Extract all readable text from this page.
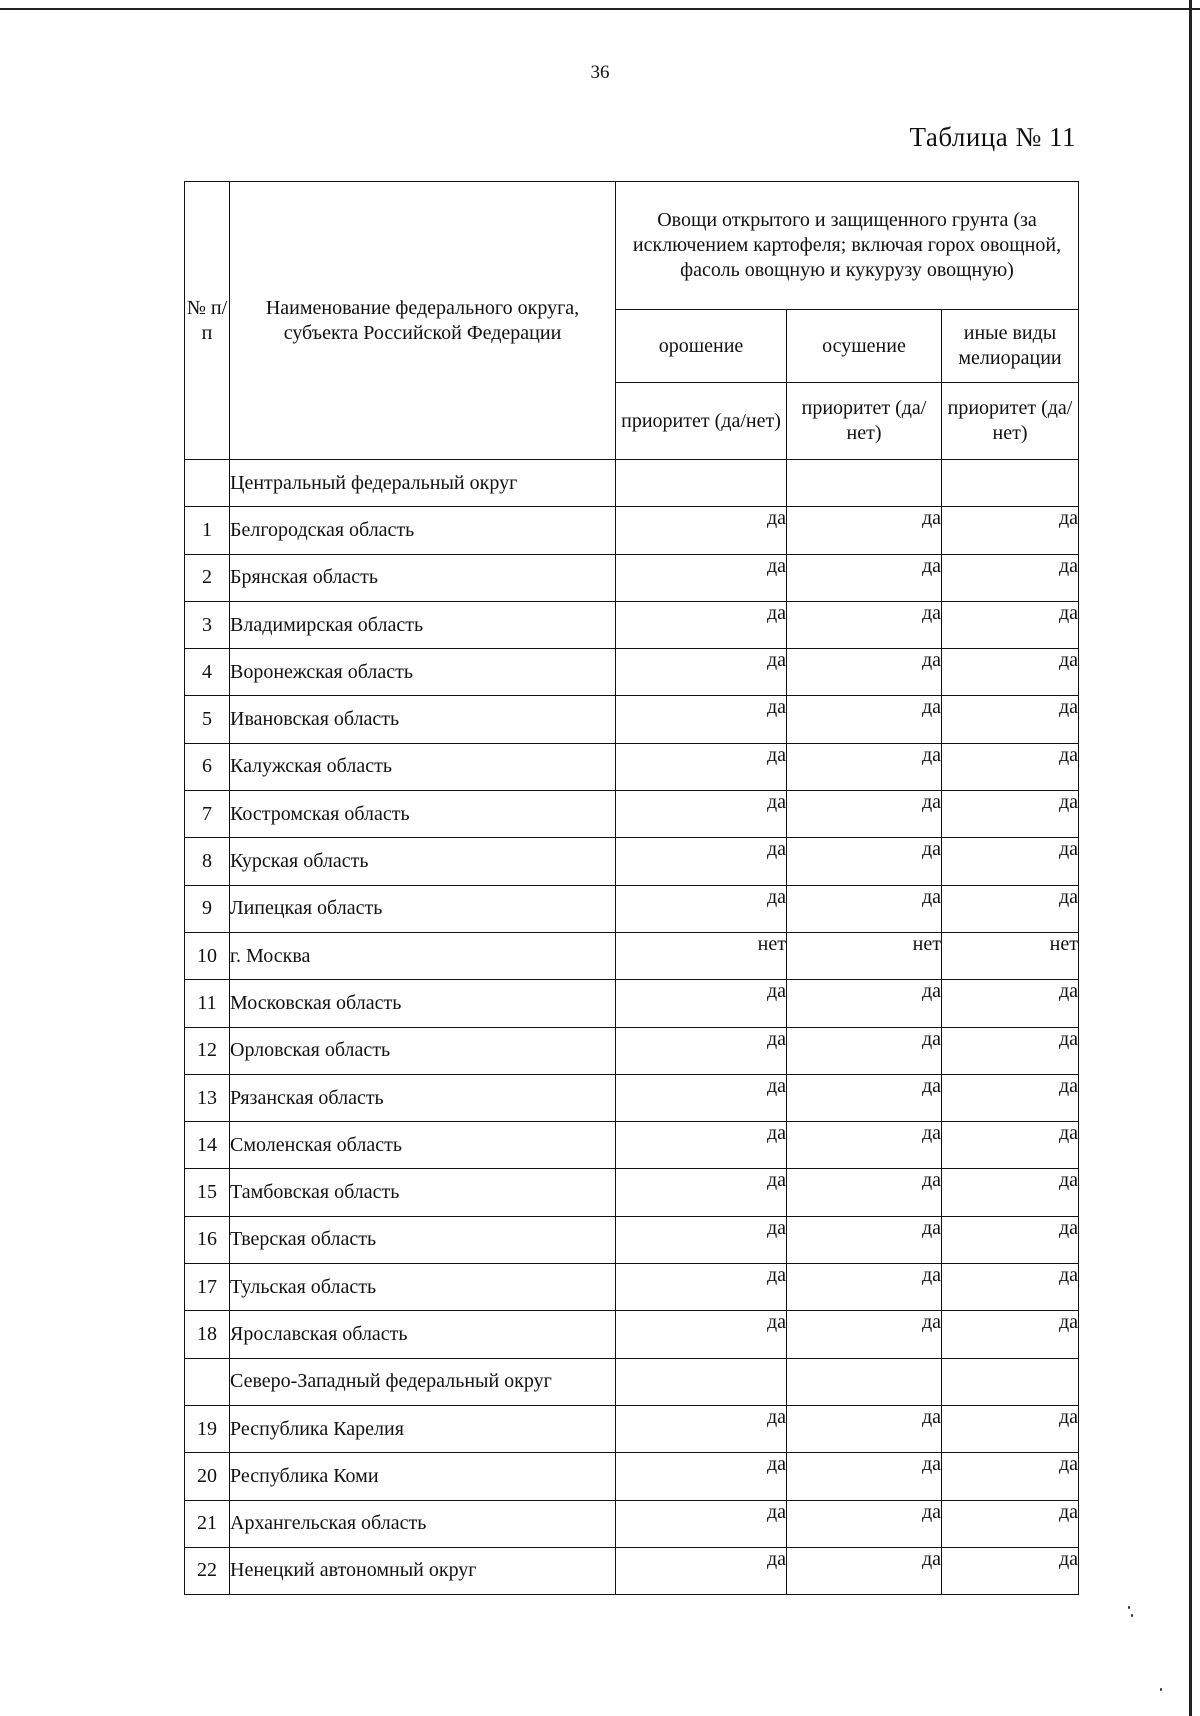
36
Таблица № 11
№ п/п	Наименование федерального округа, субъекта Российской Федерации	Овощи открытого и защищенного грунта (за исключением картофеля; включая горох овощной, фасоль овощную и кукурузу овощную)		
		орошение	осушение	иные виды мелиорации
		приоритет (да/нет)	приоритет (да/нет)	приоритет (да/нет)
	Центральный федеральный округ			
1	Белгородская область	да	да	да
2	Брянская область	да	да	да
3	Владимирская область	да	да	да
4	Воронежская область	да	да	да
5	Ивановская область	да	да	да
6	Калужская область	да	да	да
7	Костромская область	да	да	да
8	Курская область	да	да	да
9	Липецкая область	да	да	да
10	г. Москва	нет	нет	нет
11	Московская область	да	да	да
12	Орловская область	да	да	да
13	Рязанская область	да	да	да
14	Смоленская область	да	да	да
15	Тамбовская область	да	да	да
16	Тверская область	да	да	да
17	Тульская область	да	да	да
18	Ярославская область	да	да	да
	Северо-Западный федеральный округ			
19	Республика Карелия	да	да	да
20	Республика Коми	да	да	да
21	Архангельская область	да	да	да
22	Ненецкий автономный округ	да	да	да
